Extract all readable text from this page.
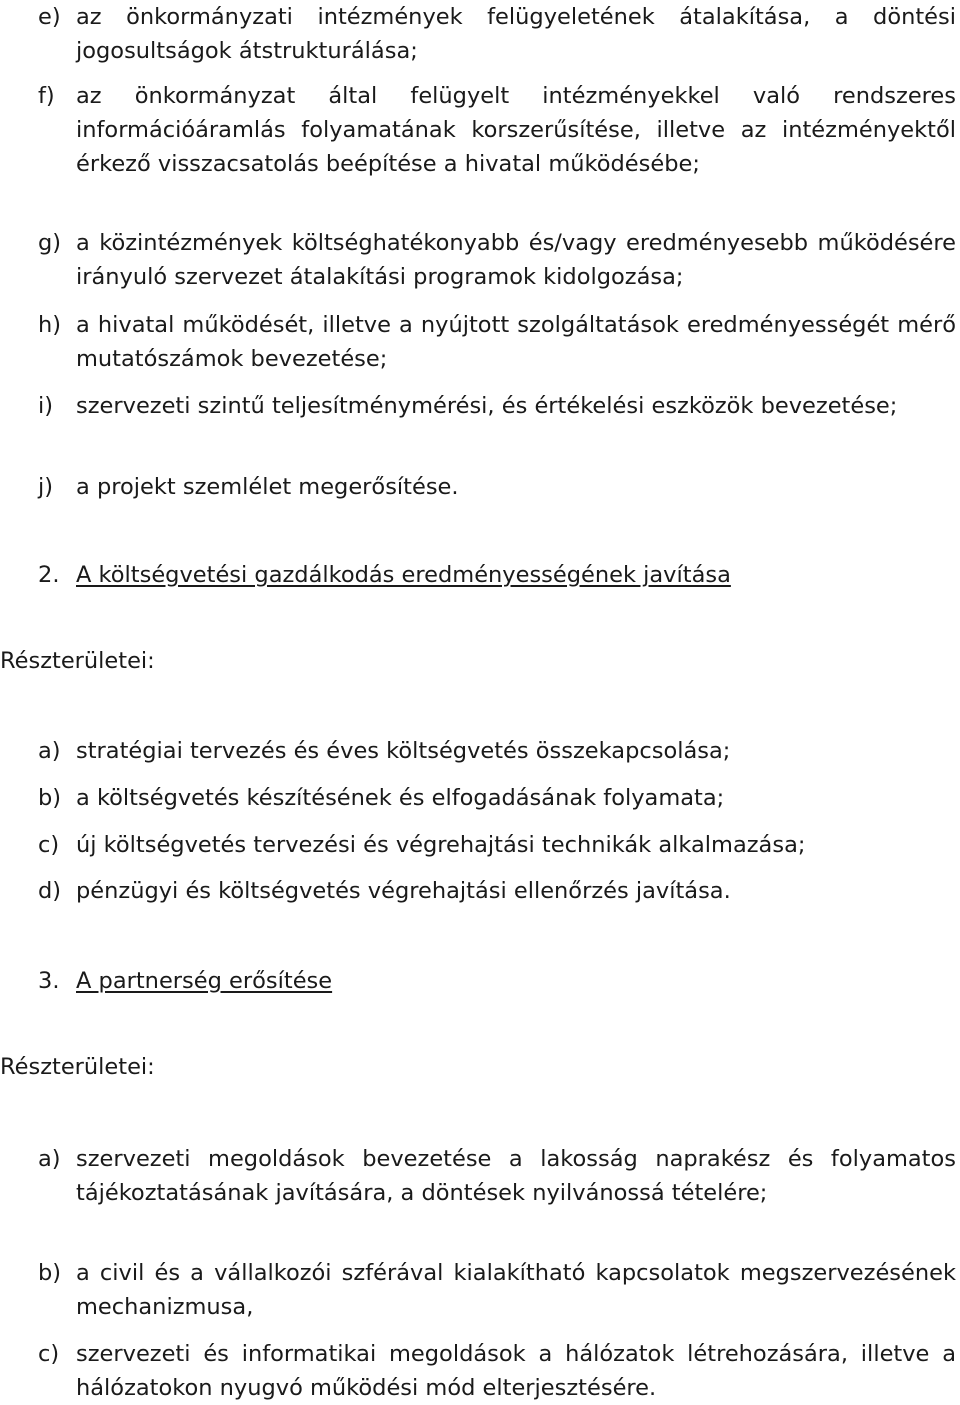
e) az önkormányzati intézmények felügyeletének átalakítása, a döntési jogosultságok átstrukturálása;
f) az önkormányzat által felügyelt intézményekkel való rendszeres információáramlás folyamatának korszerűsítése, illetve az intézményektől érkező visszacsatolás beépítése a hivatal működésébe;
g) a közintézmények költséghatékonyabb és/vagy eredményesebb működésére irányuló szervezet átalakítási programok kidolgozása;
h) a hivatal működését, illetve a nyújtott szolgáltatások eredményességét mérő mutatószámok bevezetése;
i)	szervezeti szintű teljesítménymérési, és értékelési eszközök bevezetése;
j)	a projekt szemlélet megerősítése.
2. A költségvetési gazdálkodás eredményességének javítása
Részterületei:
a) stratégiai tervezés és éves költségvetés összekapcsolása;
b) a költségvetés készítésének és elfogadásának folyamata;
c) új költségvetés tervezési és végrehajtási technikák alkalmazása;
d) pénzügyi és költségvetés végrehajtási ellenőrzés javítása.
3. A partnerség erősítése
Részterületei:
a) szervezeti megoldások bevezetése a lakosság naprakész és folyamatos tájékoztatásának javítására, a döntések nyilvánossá tételére;
b) a civil és a vállalkozói szférával kialakítható kapcsolatok megszervezésének mechanizmusa,
c) szervezeti és informatikai megoldások a hálózatok létrehozására, illetve a hálózatokon nyugvó működési mód elterjesztésére.
